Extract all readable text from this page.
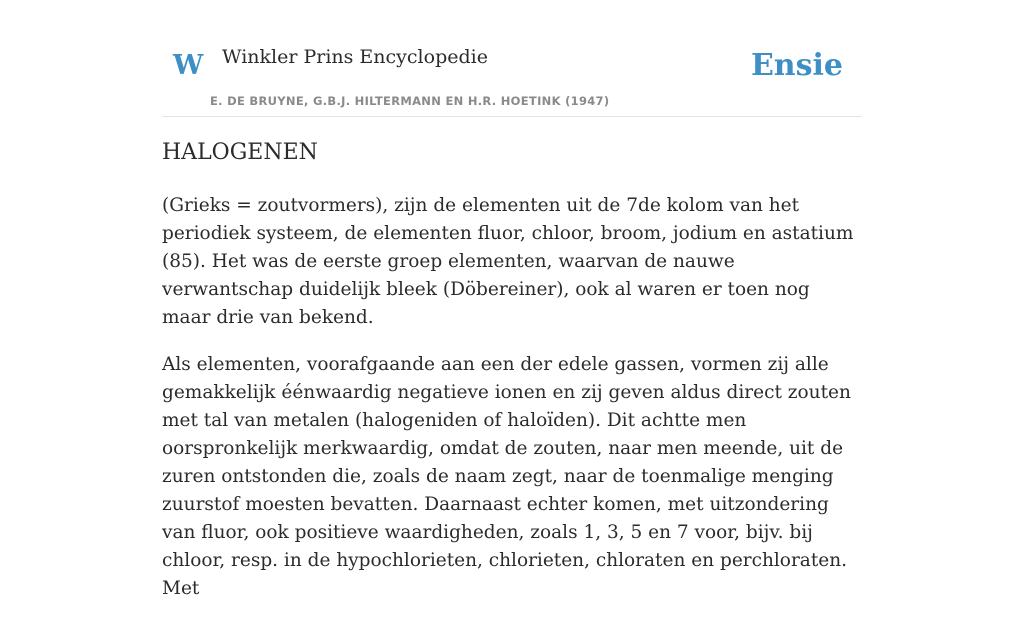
W Winkler Prins Encyclopedie
E. DE BRUYNE, G.B.J. HILTERMANN EN H.R. HOETINK (1947)
Ensie
HALOGENEN

(Grieks = zoutvormers), zijn de elementen uit de 7de kolom van het periodiek systeem, de elementen fluor, chloor, broom, jodium en astatium (85). Het was de eerste groep elementen, waarvan de nauwe verwantschap duidelijk bleek (Döbereiner), ook al waren er toen nog maar drie van bekend.

Als elementen, voorafgaande aan een der edele gassen, vormen zij alle gemakkelijk éénwaardig negatieve ionen en zij geven aldus direct zouten met tal van metalen (halogeniden of haloïden). Dit achtte men oorspronkelijk merkwaardig, omdat de zouten, naar men meende, uit de zuren ontstonden die, zoals de naam zegt, naar de toenmalige menging zuurstof moesten bevatten. Daarnaast echter komen, met uitzondering van fluor, ook positieve waardigheden, zoals 1, 3, 5 en 7 voor, bijv. bij chloor, resp. in de hypochlorieten, chlorieten, chloraten en perchloraten. Met
